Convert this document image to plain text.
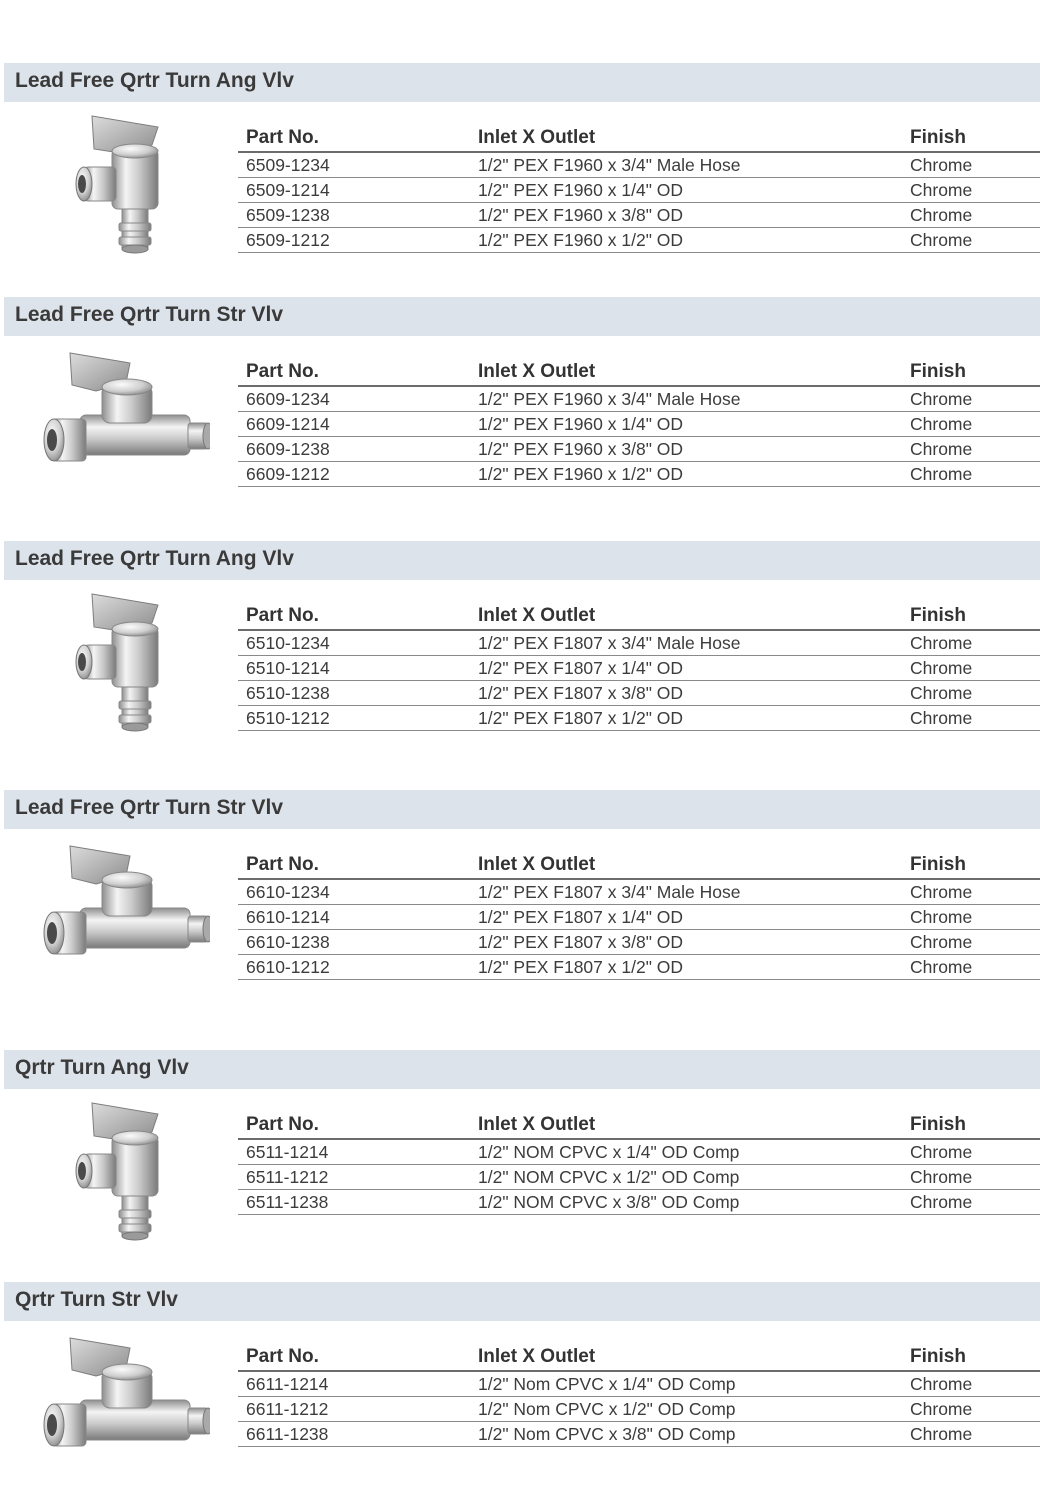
Lead Free Qrtr Turn Ang Vlv
Part No.	Inlet X Outlet	Finish
6509-1234	1/2" PEX F1960 x 3/4" Male Hose	Chrome
6509-1214	1/2" PEX F1960 x 1/4" OD	Chrome
6509-1238	1/2" PEX F1960 x 3/8" OD	Chrome
6509-1212	1/2" PEX F1960 x 1/2" OD	Chrome
Lead Free Qrtr Turn Str Vlv
Part No.	Inlet X Outlet	Finish
6609-1234	1/2" PEX F1960 x 3/4" Male Hose	Chrome
6609-1214	1/2" PEX F1960 x 1/4" OD	Chrome
6609-1238	1/2" PEX F1960 x 3/8" OD	Chrome
6609-1212	1/2" PEX F1960 x 1/2" OD	Chrome
Lead Free Qrtr Turn Ang Vlv
Part No.	Inlet X Outlet	Finish
6510-1234	1/2" PEX F1807 x 3/4" Male Hose	Chrome
6510-1214	1/2" PEX F1807 x 1/4" OD	Chrome
6510-1238	1/2" PEX F1807 x 3/8" OD	Chrome
6510-1212	1/2" PEX F1807 x 1/2" OD	Chrome
Lead Free Qrtr Turn Str Vlv
Part No.	Inlet X Outlet	Finish
6610-1234	1/2" PEX F1807 x 3/4" Male Hose	Chrome
6610-1214	1/2" PEX F1807 x 1/4" OD	Chrome
6610-1238	1/2" PEX F1807 x 3/8" OD	Chrome
6610-1212	1/2" PEX F1807 x 1/2" OD	Chrome
Qrtr Turn Ang Vlv
Part No.	Inlet X Outlet	Finish
6511-1214	1/2" NOM CPVC x 1/4" OD Comp	Chrome
6511-1212	1/2" NOM CPVC x 1/2" OD Comp	Chrome
6511-1238	1/2" NOM CPVC x 3/8" OD Comp	Chrome
Qrtr Turn Str Vlv
Part No.	Inlet X Outlet	Finish
6611-1214	1/2" Nom CPVC x 1/4" OD Comp	Chrome
6611-1212	1/2" Nom CPVC x 1/2" OD Comp	Chrome
6611-1238	1/2" Nom CPVC x 3/8" OD Comp	Chrome
